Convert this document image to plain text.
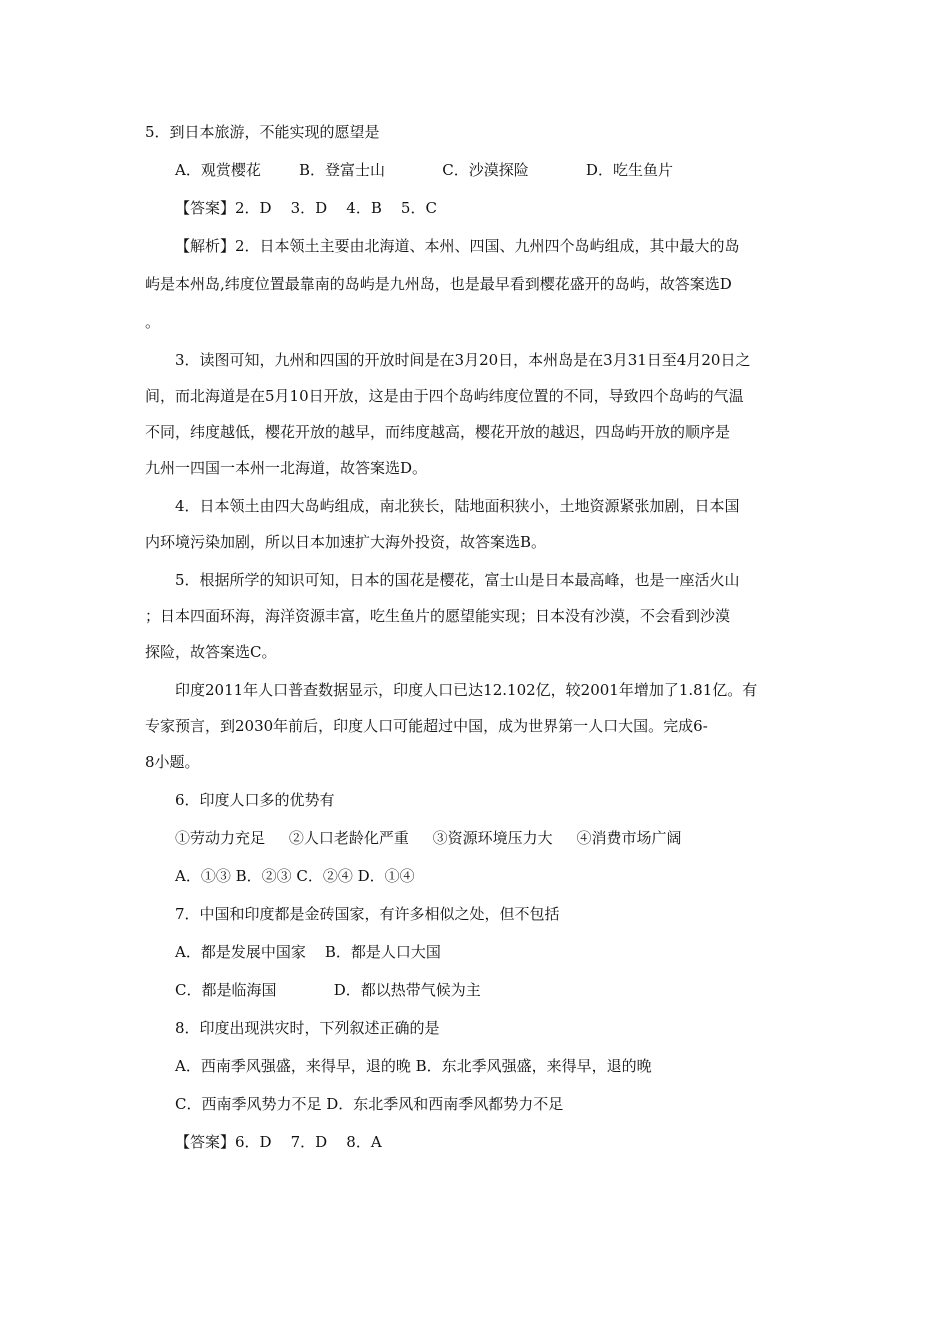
5．到日本旅游，不能实现的愿望是
A．观赏樱花        B．登富士山            C．沙漠探险            D．吃生鱼片
【答案】2．D    3．D    4．B    5．C
【解析】2．日本领土主要由北海道、本州、四国、九州四个岛屿组成，其中最大的岛
屿是本州岛,纬度位置最靠南的岛屿是九州岛，也是最早看到樱花盛开的岛屿，故答案选D
。
3．读图可知，九州和四国的开放时间是在3月20日，本州岛是在3月31日至4月20日之
间，而北海道是在5月10日开放，这是由于四个岛屿纬度位置的不同，导致四个岛屿的气温
不同，纬度越低，樱花开放的越早，而纬度越高，樱花开放的越迟，四岛屿开放的顺序是
九州一四国一本州一北海道，故答案选D。
4．日本领土由四大岛屿组成，南北狭长，陆地面积狭小，土地资源紧张加剧，日本国
内环境污染加剧，所以日本加速扩大海外投资，故答案选B。
5．根据所学的知识可知，日本的国花是樱花，富士山是日本最高峰，也是一座活火山
；日本四面环海，海洋资源丰富，吃生鱼片的愿望能实现；日本没有沙漠，不会看到沙漠
探险，故答案选C。
印度2011年人口普查数据显示，印度人口已达12.102亿，较2001年增加了1.81亿。有
专家预言，到2030年前后，印度人口可能超过中国，成为世界第一人口大国。完成6-
8小题。
6．印度人口多的优势有
①劳动力充足     ②人口老龄化严重     ③资源环境压力大     ④消费市场广阔
A．①③ B．②③ C．②④ D．①④
7．中国和印度都是金砖国家，有许多相似之处，但不包括
A．都是发展中国家    B．都是人口大国
C．都是临海国            D．都以热带气候为主
8．印度出现洪灾时，下列叙述正确的是
A．西南季风强盛，来得早，退的晚 B．东北季风强盛，来得早，退的晚
C．西南季风势力不足 D．东北季风和西南季风都势力不足
【答案】6．D    7．D    8．A
